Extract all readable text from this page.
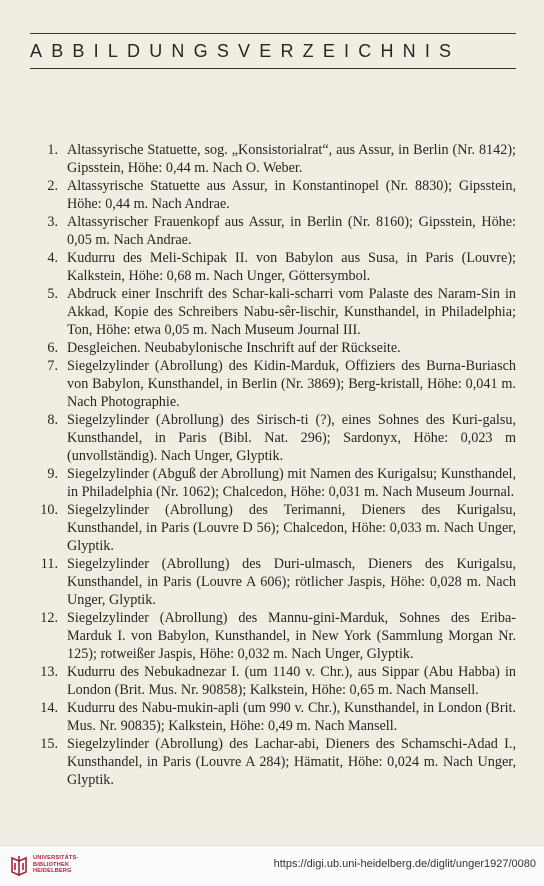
ABBILDUNGSVERZEICHNIS
1. Altassyrische Statuette, sog. „Konsistorialrat“, aus Assur, in Berlin (Nr. 8142); Gipsstein, Höhe: 0,44 m. Nach O. Weber.
2. Altassyrische Statuette aus Assur, in Konstantinopel (Nr. 8830); Gipsstein, Höhe: 0,44 m. Nach Andrae.
3. Altassyrischer Frauenkopf aus Assur, in Berlin (Nr. 8160); Gipsstein, Höhe: 0,05 m. Nach Andrae.
4. Kudurru des Meli-Schipak II. von Babylon aus Susa, in Paris (Louvre); Kalkstein, Höhe: 0,68 m. Nach Unger, Göttersymbol.
5. Abdruck einer Inschrift des Schar-kali-scharri vom Palaste des Naram-Sin in Akkad, Kopie des Schreibers Nabu-sêr-lischir, Kunsthandel, in Philadelphia; Ton, Höhe: etwa 0,05 m. Nach Museum Journal III.
6. Desgleichen. Neubabylonische Inschrift auf der Rückseite.
7. Siegelzylinder (Abrollung) des Kidin-Marduk, Offiziers des Burna-Buriasch von Babylon, Kunsthandel, in Berlin (Nr. 3869); Berg-kristall, Höhe: 0,041 m. Nach Photographie.
8. Siegelzylinder (Abrollung) des Sirisch-ti (?), eines Sohnes des Kuri-galsu, Kunsthandel, in Paris (Bibl. Nat. 296); Sardonyx, Höhe: 0,023 m (unvollständig). Nach Unger, Glyptik.
9. Siegelzylinder (Abguß der Abrollung) mit Namen des Kurigalsu; Kunsthandel, in Philadelphia (Nr. 1062); Chalcedon, Höhe: 0,031 m. Nach Museum Journal.
10. Siegelzylinder (Abrollung) des Terimanni, Dieners des Kurigalsu, Kunsthandel, in Paris (Louvre D 56); Chalcedon, Höhe: 0,033 m. Nach Unger, Glyptik.
11. Siegelzylinder (Abrollung) des Duri-ulmasch, Dieners des Kurigalsu, Kunsthandel, in Paris (Louvre A 606); rötlicher Jaspis, Höhe: 0,028 m. Nach Unger, Glyptik.
12. Siegelzylinder (Abrollung) des Mannu-gini-Marduk, Sohnes des Eriba-Marduk I. von Babylon, Kunsthandel, in New York (Sammlung Morgan Nr. 125); rotweißer Jaspis, Höhe: 0,032 m. Nach Unger, Glyptik.
13. Kudurru des Nebukadnezar I. (um 1140 v. Chr.), aus Sippar (Abu Habba) in London (Brit. Mus. Nr. 90858); Kalkstein, Höhe: 0,65 m. Nach Mansell.
14. Kudurru des Nabu-mukin-apli (um 990 v. Chr.), Kunsthandel, in London (Brit. Mus. Nr. 90835); Kalkstein, Höhe: 0,49 m. Nach Mansell.
15. Siegelzylinder (Abrollung) des Lachar-abi, Dieners des Schamschi-Adad I., Kunsthandel, in Paris (Louvre A 284); Hämatit, Höhe: 0,024 m. Nach Unger, Glyptik.
UNIVERSITÄTS-
BIBLIOTHEK
HEIDELBERG
https://digi.ub.uni-heidelberg.de/diglit/unger1927/0080
